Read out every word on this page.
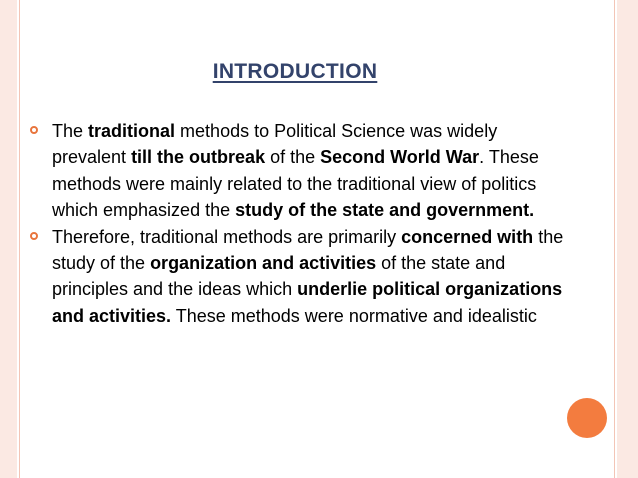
INTRODUCTION
The traditional methods to Political Science was widely prevalent till the outbreak of the Second World War. These methods were mainly related to the traditional view of politics which emphasized the study of the state and government.
Therefore, traditional methods are primarily concerned with the study of the organization and activities of the state and principles and the ideas which underlie political organizations and activities. These methods were normative and idealistic
